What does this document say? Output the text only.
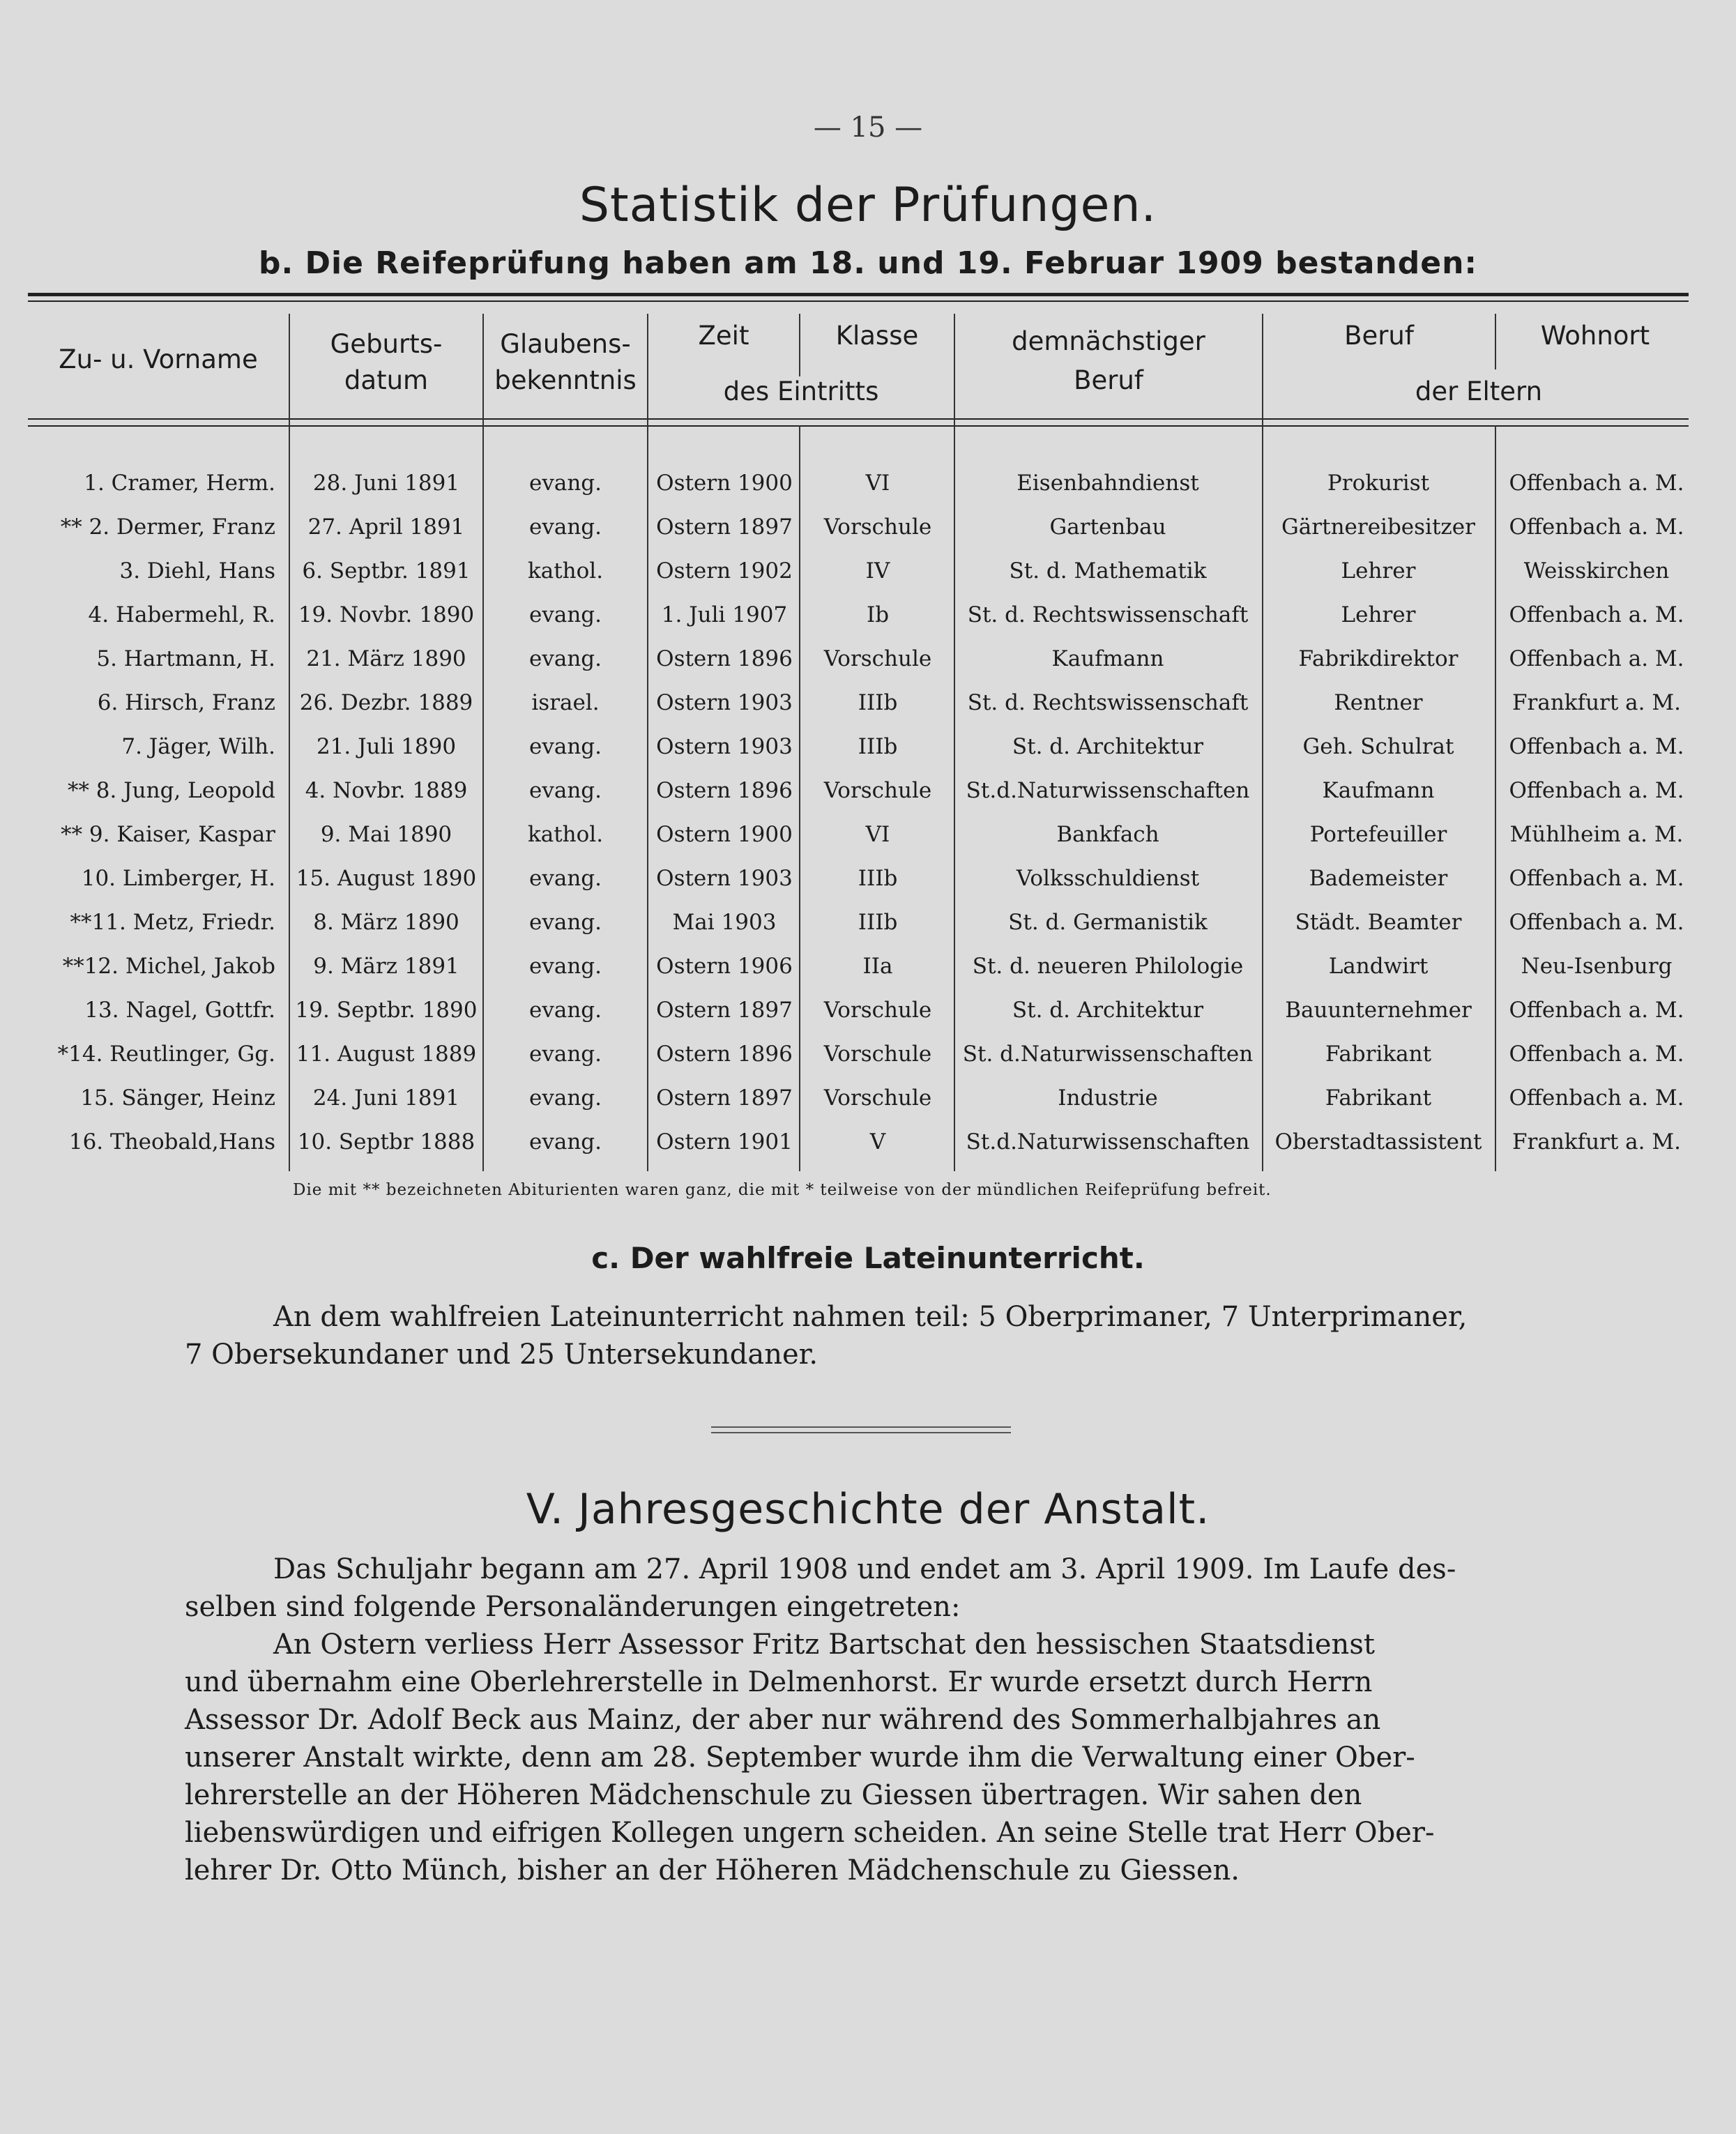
— 15 —
Statistik der Prüfungen.
b. Die Reifeprüfung haben am 18. und 19. Februar 1909 bestanden:
Zu- u. Vorname
Geburts-
datum
Glaubens-
bekenntnis
Zeit	Klasse
des Eintritts
demnächstiger
Beruf
Beruf	Wohnort
der Eltern
1. Cramer, Herm.	28. Juni 1891	evang.	Ostern 1900	VI	Eisenbahndienst	Prokurist	Offenbach a. M.
** 2. Dermer, Franz	27. April 1891	evang.	Ostern 1897	Vorschule	Gartenbau	Gärtnereibesitzer	Offenbach a. M.
3. Diehl, Hans	6. Septbr. 1891	kathol.	Ostern 1902	IV	St. d. Mathematik	Lehrer	Weisskirchen
4. Habermehl, R.	19. Novbr. 1890	evang.	1. Juli 1907	Ib	St. d. Rechtswissenschaft	Lehrer	Offenbach a. M.
5. Hartmann, H.	21. März 1890	evang.	Ostern 1896	Vorschule	Kaufmann	Fabrikdirektor	Offenbach a. M.
6. Hirsch, Franz	26. Dezbr. 1889	israel.	Ostern 1903	IIIb	St. d. Rechtswissenschaft	Rentner	Frankfurt a. M.
7. Jäger, Wilh.	21. Juli 1890	evang.	Ostern 1903	IIIb	St. d. Architektur	Geh. Schulrat	Offenbach a. M.
** 8. Jung, Leopold	4. Novbr. 1889	evang.	Ostern 1896	Vorschule	St.d.Naturwissenschaften	Kaufmann	Offenbach a. M.
** 9. Kaiser, Kaspar	9. Mai 1890	kathol.	Ostern 1900	VI	Bankfach	Portefeuiller	Mühlheim a. M.
10. Limberger, H. 15. August 1890	evang.	Ostern 1903	IIIb	Volksschuldienst	Bademeister	Offenbach a. M.
**11. Metz, Friedr.	8. März 1890	evang.	Mai 1903	IIIb	St. d. Germanistik	Städt. Beamter	Offenbach a. M.
**12. Michel, Jakob	9. März 1891	evang.	Ostern 1906	IIa	St. d. neueren Philologie	Landwirt	Neu-Isenburg
13. Nagel, Gottfr. 19. Septbr. 1890	evang.	Ostern 1897	Vorschule	St. d. Architektur	Bauunternehmer	Offenbach a. M.
*14. Reutlinger, Gg. 11. August 1889	evang.	Ostern 1896	Vorschule	St. d.Naturwissenschaften	Fabrikant	Offenbach a. M.
15. Sänger, Heinz	24. Juni 1891	evang.	Ostern 1897	Vorschule	Industrie	Fabrikant	Offenbach a. M.
16. Theobald,Hans 10. Septbr 1888	evang.	Ostern 1901	V	St.d.Naturwissenschaften	Oberstadtassistent	Frankfurt a. M.
Die mit ** bezeichneten Abiturienten waren ganz, die mit * teilweise von der mündlichen Reifeprüfung befreit.
c. Der wahlfreie Lateinunterricht.
An dem wahlfreien Lateinunterricht nahmen teil: 5 Oberprimaner, 7 Unterprimaner,
7 Obersekundaner und 25 Untersekundaner.
V. Jahresgeschichte der Anstalt.
Das Schuljahr begann am 27. April 1908 und endet am 3. April 1909. Im Laufe des-
selben sind folgende Personaländerungen eingetreten:
An Ostern verliess Herr Assessor Fritz Bartschat den hessischen Staatsdienst
und übernahm eine Oberlehrerstelle in Delmenhorst. Er wurde ersetzt durch Herrn
Assessor Dr. Adolf Beck aus Mainz, der aber nur während des Sommerhalbjahres an
unserer Anstalt wirkte, denn am 28. September wurde ihm die Verwaltung einer Ober-
lehrerstelle an der Höheren Mädchenschule zu Giessen übertragen. Wir sahen den
liebenswürdigen und eifrigen Kollegen ungern scheiden. An seine Stelle trat Herr Ober-
lehrer Dr. Otto Münch, bisher an der Höheren Mädchenschule zu Giessen.
